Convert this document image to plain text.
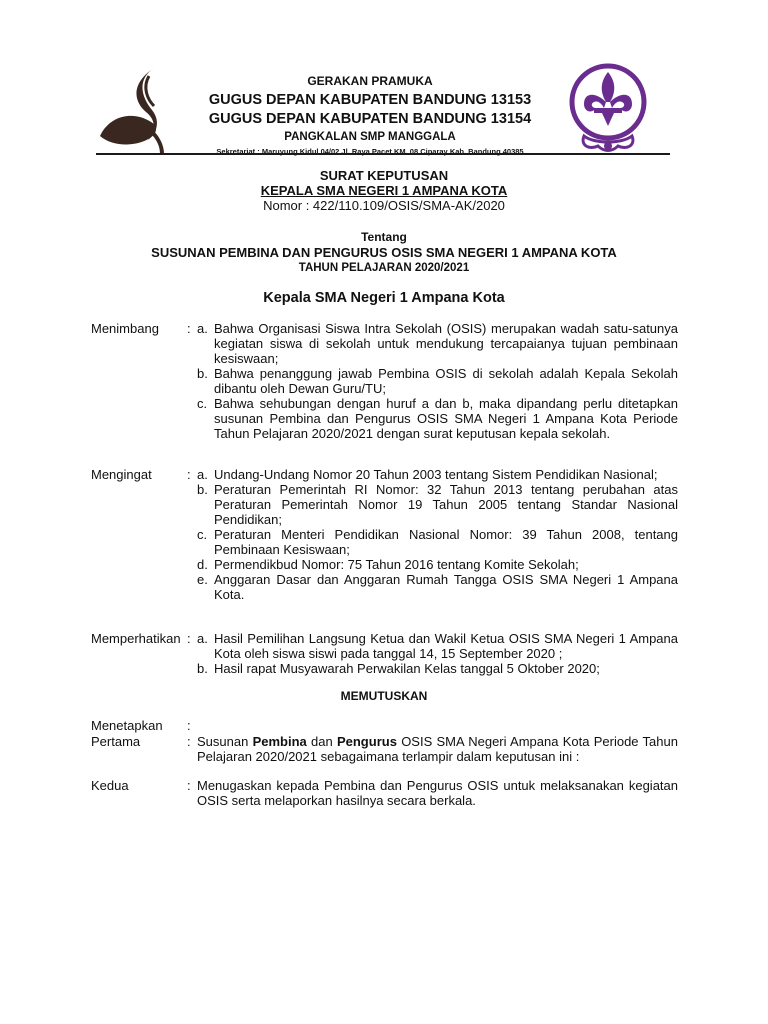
GERAKAN PRAMUKA
GUGUS DEPAN KABUPATEN BANDUNG 13153
GUGUS DEPAN KABUPATEN BANDUNG 13154
PANGKALAN SMP MANGGALA
Sekretariat : Maruyung Kidul 04/02 Jl. Raya Pacet KM. 08 Ciparay Kab. Bandung 40385
SURAT KEPUTUSAN
KEPALA SMA NEGERI 1 AMPANA KOTA
Nomor : 422/110.109/OSIS/SMA-AK/2020
Tentang
SUSUNAN PEMBINA DAN PENGURUS OSIS SMA NEGERI 1 AMPANA KOTA
TAHUN PELAJARAN 2020/2021
Kepala SMA Negeri 1 Ampana Kota
Menimbang	: a. Bahwa Organisasi Siswa Intra Sekolah (OSIS) merupakan wadah satu-satunya kegiatan siswa di sekolah untuk mendukung tercapaianya tujuan pembinaan kesiswaan;
b. Bahwa penanggung jawab Pembina OSIS di sekolah adalah Kepala Sekolah dibantu oleh Dewan Guru/TU;
c. Bahwa sehubungan dengan huruf a dan b, maka dipandang perlu ditetapkan susunan Pembina dan Pengurus OSIS SMA Negeri 1 Ampana Kota Periode Tahun Pelajaran 2020/2021 dengan surat keputusan kepala sekolah.
Mengingat	: a. Undang-Undang Nomor 20 Tahun 2003 tentang Sistem Pendidikan Nasional;
b. Peraturan Pemerintah RI Nomor: 32 Tahun 2013 tentang perubahan atas Peraturan Pemerintah Nomor 19 Tahun 2005 tentang Standar Nasional Pendidikan;
c. Peraturan Menteri Pendidikan Nasional Nomor: 39 Tahun 2008, tentang Pembinaan Kesiswaan;
d. Permendikbud Nomor: 75 Tahun 2016 tentang Komite Sekolah;
e. Anggaran Dasar dan Anggaran Rumah Tangga OSIS SMA Negeri 1 Ampana Kota.
Memperhatikan : a. Hasil Pemilihan Langsung Ketua dan Wakil Ketua OSIS SMA Negeri 1 Ampana Kota oleh siswa siswi pada tanggal 14, 15 September 2020 ;
b. Hasil rapat Musyawarah Perwakilan Kelas tanggal 5 Oktober 2020;
MEMUTUSKAN
Menetapkan	:

Pertama	: Susunan Pembina dan Pengurus OSIS SMA Negeri Ampana Kota Periode Tahun Pelajaran 2020/2021 sebagaimana terlampir dalam keputusan ini :
Kedua	: Menugaskan kepada Pembina dan Pengurus OSIS untuk melaksanakan kegiatan OSIS serta melaporkan hasilnya secara berkala.
